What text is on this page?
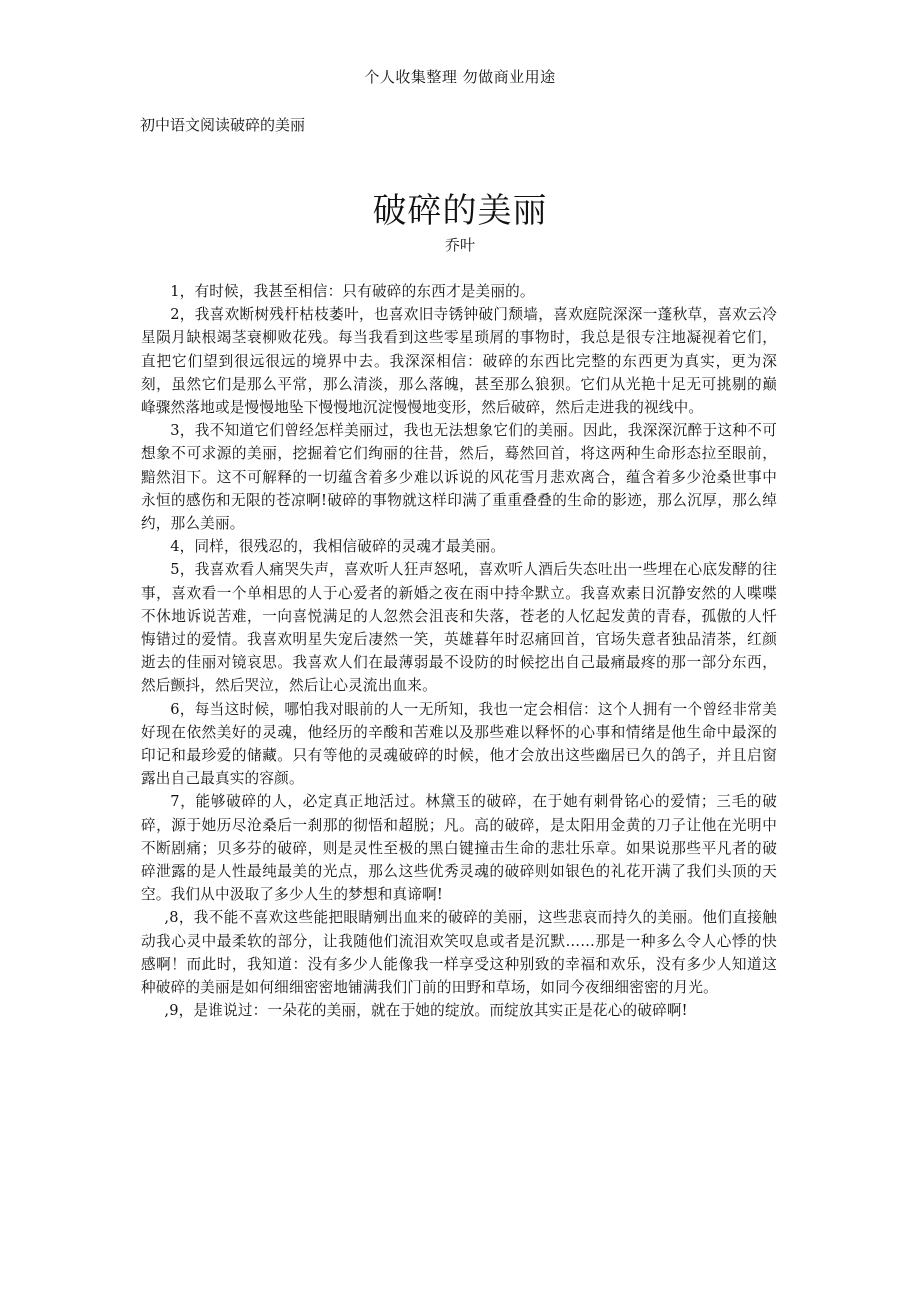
个人收集整理 勿做商业用途
初中语文阅读破碎的美丽
破碎的美丽
乔叶

1，有时候，我甚至相信：只有破碎的东西才是美丽的。

2，我喜欢断树残杆枯枝萎叶，也喜欢旧寺锈钟破门颓墙，喜欢庭院深深一蓬秋草，喜欢云冷星陨月缺根竭茎衰柳败花残。每当我看到这些零星琐屑的事物时，我总是很专注地凝视着它们，直把它们望到很远很远的境界中去。我深深相信：破碎的东西比完整的东西更为真实，更为深刻，虽然它们是那么平常，那么清淡，那么落魄，甚至那么狼狈。它们从光艳十足无可挑剔的巅峰骤然落地或是慢慢地坠下慢慢地沉淀慢慢地变形，然后破碎，然后走进我的视线中。

3，我不知道它们曾经怎样美丽过，我也无法想象它们的美丽。因此，我深深沉醉于这种不可想象不可求源的美丽，挖掘着它们绚丽的往昔，然后，蓦然回首，将这两种生命形态拉至眼前，黯然泪下。这不可解释的一切蕴含着多少难以诉说的风花雪月悲欢离合，蕴含着多少沧桑世事中永恒的感伤和无限的苍凉啊!破碎的事物就这样印满了重重叠叠的生命的影迹，那么沉厚，那么绰约，那么美丽。

4，同样，很残忍的，我相信破碎的灵魂才最美丽。

5，我喜欢看人痛哭失声，喜欢听人狂声怒吼，喜欢听人酒后失态吐出一些埋在心底发酵的往事，喜欢看一个单相思的人于心爱者的新婚之夜在雨中持伞默立。我喜欢素日沉静安然的人喋喋不休地诉说苦难，一向喜悦满足的人忽然会沮丧和失落，苍老的人忆起发黄的青春，孤傲的人忏悔错过的爱情。我喜欢明星失宠后凄然一笑，英雄暮年时忍痛回首，官场失意者独品清茶，红颜逝去的佳丽对镜哀思。我喜欢人们在最薄弱最不设防的时候挖出自己最痛最疼的那一部分东西，然后颤抖，然后哭泣，然后让心灵流出血来。

6，每当这时候，哪怕我对眼前的人一无所知，我也一定会相信：这个人拥有一个曾经非常美好现在依然美好的灵魂，他经历的辛酸和苦难以及那些难以释怀的心事和情绪是他生命中最深的印记和最珍爱的储藏。只有等他的灵魂破碎的时候，他才会放出这些幽居已久的鸽子，并且启窗露出自己最真实的容颜。

7，能够破碎的人，必定真正地活过。林黛玉的破碎，在于她有刺骨铭心的爱情；三毛的破碎，源于她历尽沧桑后一刹那的彻悟和超脱；凡。高的破碎，是太阳用金黄的刀子让他在光明中不断剧痛；贝多芬的破碎，则是灵性至极的黑白键撞击生命的悲壮乐章。如果说那些平凡者的破碎泄露的是人性最纯最美的光点，那么这些优秀灵魂的破碎则如银色的礼花开满了我们头顶的天空。我们从中汲取了多少人生的梦想和真谛啊!

,8，我不能不喜欢这些能把眼睛剜出血来的破碎的美丽，这些悲哀而持久的美丽。他们直接触动我心灵中最柔软的部分，让我随他们流泪欢笑叹息或者是沉默……那是一种多么令人心悸的快感啊！而此时，我知道：没有多少人能像我一样享受这种别致的幸福和欢乐，没有多少人知道这种破碎的美丽是如何细细密密地铺满我们门前的田野和草场，如同今夜细细密密的月光。

,9，是谁说过：一朵花的美丽，就在于她的绽放。而绽放其实正是花心的破碎啊!
